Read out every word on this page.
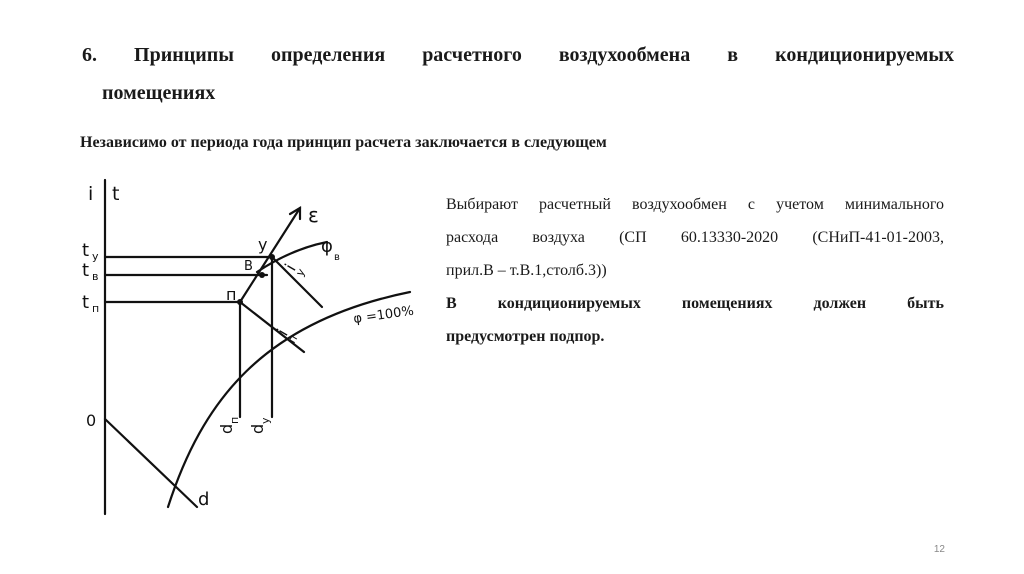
6. Принципы определения расчетного воздухообмена в кондиционируемых
помещениях
Независимо от периода года принцип расчета заключается в следующем
i t
t y
t в
t п
0
y
B
п
ε
φ
в
i
y
i
п
d
п
d
y
d
φ =100%
Выбирают расчетный воздухообмен с учетом минимального
расхода воздуха (СП 60.13330-2020 (СНиП-41-01-2003,
прил.В – т.В.1,столб.3))
В	кондиционируемых	помещениях	должен	быть
предусмотрен подпор.
12
